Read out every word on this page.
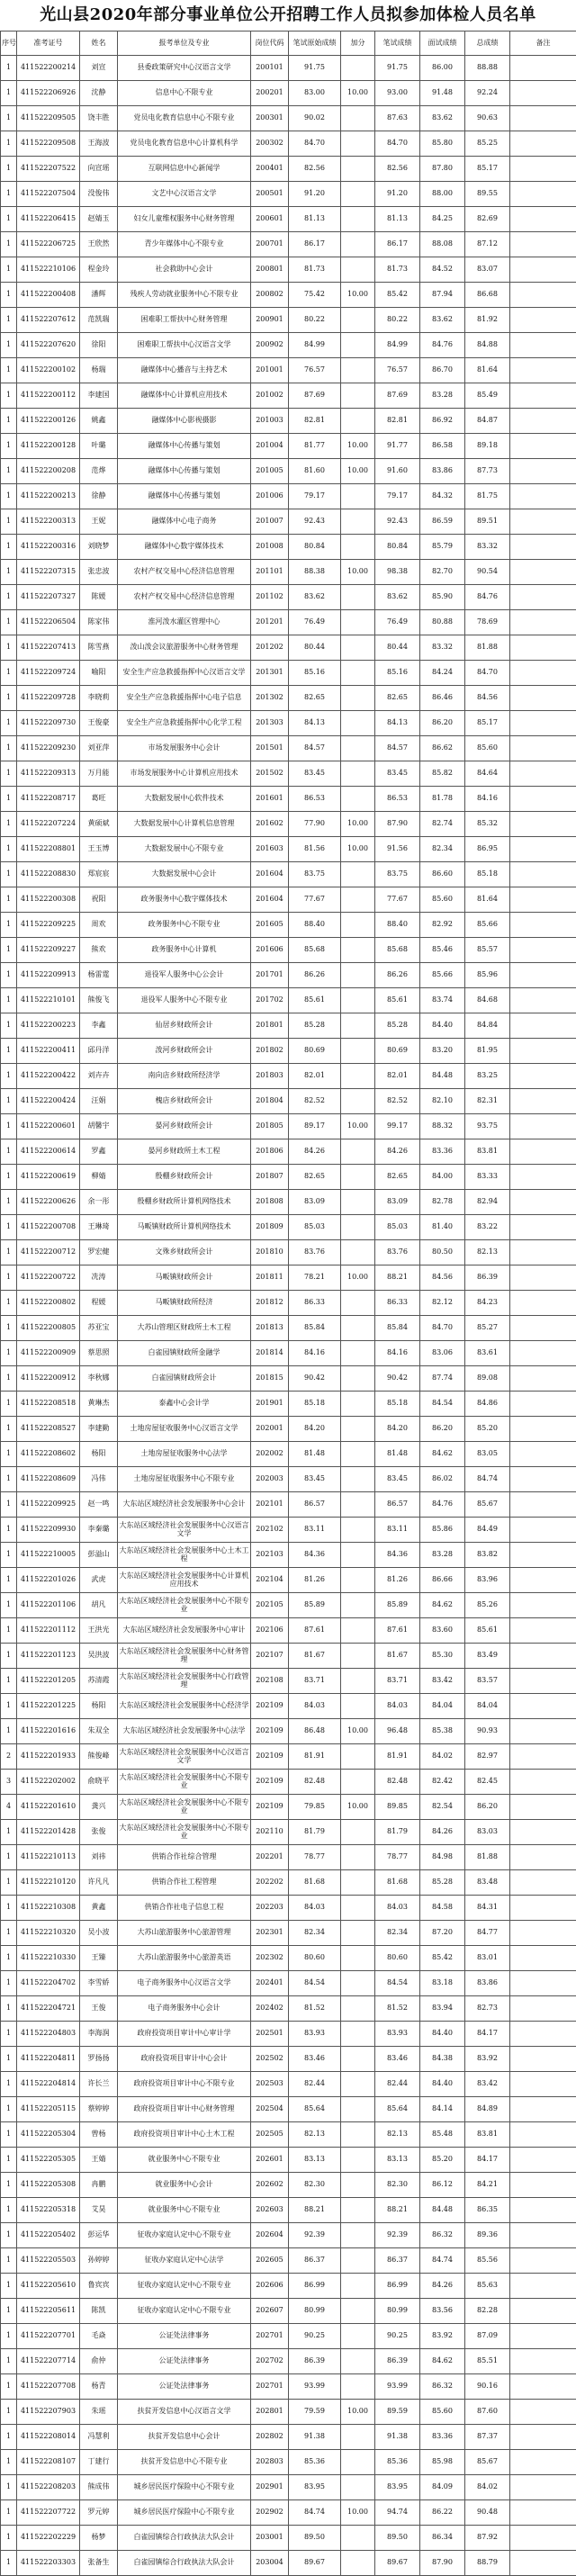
光山县2020年部分事业单位公开招聘工作人员拟参加体检人员名单
序号	准考证号	姓名	报考单位及专业	岗位代码	笔试原始成绩	加分	笔试成绩	面试成绩	总成绩	备注
1	411522200214	刘宣	县委政策研究中心汉语言文学	200101	91.75		91.75	86.00	88.88	
1	411522206926	沈静	信息中心不限专业	200201	83.00	10.00	93.00	91.48	92.24	
1	411522209505	饶丰胜	党员电化教育信息中心不限专业	200301	90.02		87.63	83.62	90.63	
1	411522209508	王海波	党员电化教育信息中心计算机科学	200302	84.70		84.70	85.80	85.25	
1	411522207522	向宣瑶	互联网信息中心新闻学	200401	82.56		82.56	87.80	85.17	
1	411522207504	没俊伟	文艺中心汉语言文学	200501	91.20		91.20	88.00	89.55	
1	411522206415	赵婧玉	妇女儿童维权服务中心财务管理	200601	81.13		81.13	84.25	82.69	
1	411522206725	王欣然	青少年媒体中心不限专业	200701	86.17		86.17	88.08	87.12	
1	411522210106	程金玲	社会救助中心会计	200801	81.73		81.73	84.52	83.07	
1	411522200408	潘辉	残疾人劳动就业服务中心不限专业	200802	75.42	10.00	85.42	87.94	86.68	
1	411522207612	范凯瑞	困难职工帮扶中心财务管理	200901	80.22		80.22	83.62	81.92	
1	411522207620	徐阳	困难职工帮扶中心汉语言文学	200902	84.99		84.99	84.76	84.88	
1	411522200102	杨瑞	融媒体中心播音与主持艺术	201001	76.57		76.57	86.70	81.64	
1	411522200112	李建国	融媒体中心计算机应用技术	201002	87.69		87.69	83.28	85.49	
1	411522200126	姚鑫	融媒体中心影视摄影	201003	82.81		82.81	86.92	84.87	
1	411522200128	叶璐	融媒体中心传播与策划	201004	81.77	10.00	91.77	86.58	89.18	
1	411522200208	范烨	融媒体中心传播与策划	201005	81.60	10.00	91.60	83.86	87.73	
1	411522200213	徐静	融媒体中心传播与策划	201006	79.17		79.17	84.32	81.75	
1	411522200313	王妮	融媒体中心电子商务	201007	92.43		92.43	86.59	89.51	
1	411522200316	刘晓梦	融媒体中心数字媒体技术	201008	80.84		80.84	85.79	83.32	
1	411522207315	张忠波	农村产权交易中心经济信息管理	201101	88.38	10.00	98.38	82.70	90.54	
1	411522207327	陈媛	农村产权交易中心经济信息管理	201102	83.62		83.62	85.90	84.76	
1	411522206504	陈家伟	淮河泼水灌区管理中心	201201	76.49		76.49	80.88	78.69	
1	411522207413	陈雪燕	泼山泼会议旅游服务中心财务管理	201202	80.44		80.44	83.32	81.88	
1	411522209724	喻阳	安全生产应急救援指挥中心汉语言文学	201301	85.16		85.16	84.24	84.70	
1	411522209728	李晓莉	安全生产应急救援指挥中心电子信息	201302	82.65		82.65	86.46	84.56	
1	411522209730	王俊豪	安全生产应急救援指挥中心化学工程	201303	84.13		84.13	86.20	85.17	
1	411522209230	刘亚萍	市场发展服务中心会计	201501	84.57		84.57	86.62	85.60	
1	411522209313	万月能	市场发展服务中心计算机应用技术	201502	83.45		83.45	85.82	84.64	
1	411522208717	葛旺	大数据发展中心软件技术	201601	86.53		86.53	81.78	84.16	
1	411522207224	黄硕斌	大数据发展中心计算机信息管理	201602	77.90	10.00	87.90	82.74	85.32	
1	411522208801	王玉博	大数据发展中心不限专业	201603	81.56	10.00	91.56	82.34	86.95	
1	411522208830	郑宸宸	大数据发展中心会计	201604	83.75		83.75	86.60	85.18	
1	411522200308	祝阳	政务服务中心数字媒体技术	201604	77.67		77.67	85.60	81.64	
1	411522209225	周欢	政务服务中心不限专业	201605	88.40		88.40	82.92	85.66	
1	411522209227	熊欢	政务服务中心计算机	201606	85.68		85.68	85.46	85.57	
1	411522209913	杨雷霆	退役军人服务中心公会计	201701	86.26		86.26	85.66	85.96	
1	411522210101	熊俊飞	退役军人服务中心不限专业	201702	85.61		85.61	83.74	84.68	
1	411522200223	李鑫	仙居乡财政所会计	201801	85.28		85.28	84.40	84.84	
1	411522200411	邱丹洋	泼河乡财政所会计	201802	80.69		80.69	83.20	81.95	
1	411522200422	刘卉卉	南向店乡财政所经济学	201803	82.01		82.01	84.48	83.25	
1	411522200424	汪娟	槐店乡财政所会计	201804	82.52		82.52	82.10	82.31	
1	411522200601	胡馨宇	晏河乡财政所会计	201805	89.17	10.00	99.17	88.32	93.75	
1	411522200614	罗鑫	晏河乡财政所土木工程	201806	84.26		84.26	83.36	83.81	
1	411522200619	柳婧	殷棚乡财政所会计	201807	82.65		82.65	84.00	83.33	
1	411522200626	余一彤	殷棚乡财政所计算机网络技术	201808	83.09		83.09	82.78	82.94	
1	411522200708	王琳琦	马畈镇财政所计算机网络技术	201809	85.03		85.03	81.40	83.22	
1	411522200712	罗宏健	文殊乡财政所会计	201810	83.76		83.76	80.50	82.13	
1	411522200722	冼涛	马畈镇财政所会计	201811	78.21	10.00	88.21	84.56	86.39	
1	411522200802	程媛	马畈镇财政所经济	201812	86.33		86.33	82.12	84.23	
1	411522200805	苏亚宝	大苏山管理区财政所土木工程	201813	85.84		85.84	84.70	85.27	
1	411522200909	蔡思照	白雀园镇财政所金融学	201814	84.16		84.16	83.06	83.61	
1	411522200912	李秋娜	白雀园镇财政所会计	201815	90.42		90.42	87.74	89.08	
1	411522208518	黄琳杰	泰鑫中心会计学	201901	85.18		85.18	84.54	84.86	
1	411522208527	李建勤	土地房屋征收服务中心汉语言文学	202001	84.20		84.20	86.20	85.20	
1	411522208602	杨阳	土地房屋征收服务中心法学	202002	81.48		81.48	84.62	83.05	
1	411522208609	冯伟	土地房屋征收服务中心不限专业	202003	83.45		83.45	86.02	84.74	
1	411522209925	赵一鸣	大东站区域经济社会发展服务中心会计	202101	86.57		86.57	84.76	85.67	
1	411522209930	李秦璐	大东站区域经济社会发展服务中心汉语言文学	202102	83.11		83.11	85.86	84.49	
1	411522210005	彭溢山	大东站区域经济社会发展服务中心土木工程	202103	84.36		84.36	83.28	83.82	
1	411522201026	武虎	大东站区域经济社会发展服务中心计算机应用技术	202104	81.26		81.26	86.66	83.96	
1	411522201106	胡凡	大东站区域经济社会发展服务中心不限专业	202105	85.89		85.89	84.62	85.26	
1	411522201112	王洪光	大东站区域经济社会发展服务中心审计	202106	87.61		87.61	83.60	85.61	
1	411522201123	吴洪波	大东站区域经济社会发展服务中心财务管理	202107	81.67		81.67	85.30	83.49	
1	411522201205	苏清霞	大东站区域经济社会发展服务中心行政管理	202108	83.71		83.71	83.42	83.57	
1	411522201225	杨阳	大东站区域经济社会发展服务中心经济学	202109	84.03		84.03	84.04	84.04	
1	411522201616	朱双全	大东站区域经济社会发展服务中心法学	202109	86.48	10.00	96.48	85.38	90.93	
2	411522201933	熊俊峰	大东站区域经济社会发展服务中心汉语言文学	202109	81.91		81.91	84.02	82.97	
3	411522202002	俞晓平	大东站区域经济社会发展服务中心不限专业	202109	82.48		82.48	82.42	82.45	
4	411522201610	龚兴	大东站区域经济社会发展服务中心不限专业	202109	79.85	10.00	89.85	82.54	86.20	
1	411522201428	张俊	大东站区域经济社会发展服务中心不限专业	202110	81.79		81.79	84.26	83.03	
1	411522210113	刘祎	供销合作社综合管理	202201	78.77		78.77	84.98	81.88	
1	411522210120	许凡凡	供销合作社工程管理	202202	81.68		81.68	85.28	83.48	
1	411522210308	黄鑫	供销合作社电子信息工程	202203	84.03		84.03	84.58	84.31	
1	411522210320	吴小波	大苏山旅游服务中心旅游管理	202301	82.34		82.34	87.20	84.77	
1	411522210330	王臻	大苏山旅游服务中心旅游英语	202302	80.60		80.60	85.42	83.01	
1	411522204702	李雪娇	电子商务服务中心汉语言文学	202401	84.54		84.54	83.18	83.86	
1	411522204721	王俊	电子商务服务中心会计	202402	81.52		81.52	83.94	82.73	
1	411522204803	李海润	政府投资项目审计中心审计学	202501	83.93		83.93	84.40	84.17	
1	411522204811	罗扬扬	政府投资项目审计中心会计	202502	83.46		83.46	84.38	83.92	
1	411522204814	许长兰	政府投资项目审计中心不限专业	202503	82.44		82.44	84.40	83.42	
1	411522205115	蔡婷婷	政府投资项目审计中心财务管理	202504	85.64		85.64	84.14	84.89	
1	411522205304	曾杨	政府投资项目审计中心土木工程	202505	82.13		82.13	85.48	83.81	
1	411522205305	王婧	就业服务中心不限专业	202601	83.13		83.13	85.20	84.17	
1	411522205308	冉鹏	就业服务中心会计	202602	82.30		82.30	86.12	84.21	
1	411522205318	艾昊	就业服务中心不限专业	202603	88.21		88.21	84.48	86.35	
1	411522205402	彭运华	征收办家庭认定中心不限专业	202604	92.39		92.39	86.32	89.36	
1	411522205503	孙婷婷	征收办家庭认定中心法学	202605	86.37		86.37	84.74	85.56	
1	411522205610	鲁宾宾	征收办家庭认定中心不限专业	202606	86.99		86.99	84.26	85.63	
1	411522205611	陈凯	征收办家庭认定中心不限专业	202607	80.99		80.99	83.56	82.28	
1	411522207701	毛焱	公证处法律事务	202701	90.25		90.25	83.92	87.09	
1	411522207714	俞仲	公证处法律事务	202702	86.39		86.39	84.62	85.51	
1	411522207708	杨青	公证处法律事务	202701	93.99		93.99	86.32	90.16	
1	411522207903	朱瑶	扶贫开发信息中心汉语言文学	202801	79.59	10.00	89.59	85.60	87.60	
1	411522208014	冯慧利	扶贫开发信息中心会计	202802	91.38		91.38	83.36	87.37	
1	411522208107	丁建行	扶贫开发信息中心不限专业	202803	85.36		85.36	85.98	85.67	
1	411522208203	熊成伟	城乡居民医疗保险中心不限专业	202901	83.95		83.95	84.09	84.02	
1	411522207722	罗元婷	城乡居民医疗保险中心不限专业	202902	84.74	10.00	94.74	86.22	90.48	
1	411522202229	杨梦	白雀园镇综合行政执法大队会计	203001	89.50		89.50	86.34	87.92	
1	411522203303	张备生	白雀园镇综合行政执法大队会计	203004	89.67		89.67	87.90	88.79	
